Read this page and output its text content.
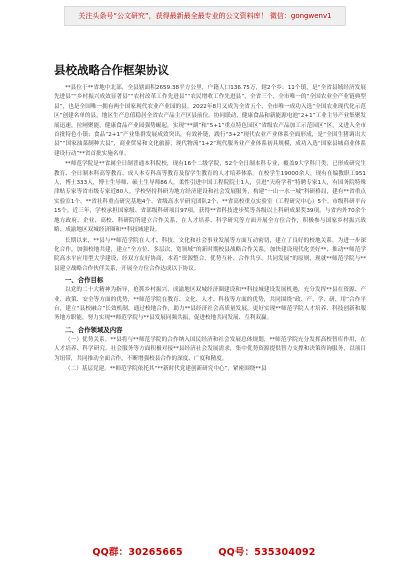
关注头条号“公文研究”，获得最新最全最专业的公文资料库！ 微信：gongwenv1
县校战略合作框架协议

**县位于**省地中北部，全县辖面积2659.38平方公里，户籍人口136.75万，辖2个乡、11个镇，是“全省县域经济发展先进县”“乡村振兴成效显著县”“农村改革工作先进县”“农民增收工作先进县”，全省三个、全市唯一的“全国农业全产业链典型县”，也是全国唯一拥有两个国家现代农业产业园的县。2022年8月又成为全省五个、全市唯一成功入选“全国农业现代化示范区”创建名单的县，地区生产总值稳居全省农产品主产区县前位。协同联动，健康食品和新能源电池“2+1”工业主导产业集聚发展迅速，拉闸聚能，健康食品产业园强势崛起，实现“**湖”和“5+1”重点特色园区“省级农产品加工示范园区”区，又进入全市首批特色小镇；食品“2+1”产业集群发展成效突出，有效补链，践行“3+2”现代农业产业体系全面形成，是“全国生猪调出大县”“国家油菜制种大县”，商业贸易和文化旅游，现代物流“1+2”现代服务业产业体系初具规模，成功入选“国家县城商业体系建设行动”**省首批实施名单。

**师范学院是**省属全日制普通本科院校，现有16个二级学院，52个全日制本科专业，覆盖9大学科门类，已形成研究生教育、全日制本科高等教育、成人本专科高等教育及留学生教育的人才培养体系。在校学生19000余人，现有在编教职工951人，博士333人，博士生导师、硕士生导师86人，柔性引进中国工程院院士1人，引进“天府学者”特聘专家1人，有国务院特殊津贴专家等省市级专家近80人。学校坚持科研为地方经济建设和社会发展服务，构建“一山一水一城”科研格局，建有**省重点实验室1个、**省社科重点研究基地4个、省级高水平研究团队2个、**省高校重点实验室（工程研究中心）5个。市级科研平台15个。近三年，学校承担国家级、省部级科研项目97项，获得**省科技进步奖等各级以上科研成果奖39项。与省内外70余个地方政府、企业、高校、科研院所建立合作关系，在人才培养、科学研究等方面开展全方位合作，积极参与国家乡村振兴战略、成渝地区双城经济圈和**科技城建设。

长期以来，**县与**师范学院在人才、科技、文化和社会事业发展等方面互动密切，建立了良好的校地关系。为进一步深化合作，加强校地共建，建立“全方位、多层次、宽领域”的新时期校县战略合作关系，加快建设现代化美好**，推动**师范学院高水平应用型大学建设，经双方友好协商，本着“资源整合、优势互补、合作共享、共同发展”的原则，现就**师范学院与**县建立战略合作伙伴关系，开展全方位合作达成以下协议。

一、合作目标

以党的二十大精神为指导，抢抓乡村振兴、成渝地区双城经济圈建设和**科技城建设发展机遇，充分发挥**县在资源、产业、政策、安全等方面的优势，**师范学院在教育、文化、人才、科技等方面的优势，共同围绕“政、产、学、研、用”合作平台，建立“县校融合”长效机制，通过校地合作，助力**县经济社会高质量发展，更好实现**师范学院人才培养、科技创新和服务地方职能，努力实现**师范学院与**县发展同频共振，促进校地共同发展、互利双赢。

二、合作领域及内容

（一）优势关系。**县将与**师范学院的合作纳入国民经济和社会发展总体规划，**师范学院充分发挥高校智库作用，在人才培养、科学研究、社会服务等方面积极对接**县经济社会发展需求，集中优势资源提供智力支撑和决策咨询服务，以项目为纽带，共同推动全面合作，不断增强校县合作的深度、广度和精度。

（二）基层党建。**师范学院依托其“**新时代党建创新研究中心”，紧密围绕**县

QQ群：30265665	QQ号：535304092
